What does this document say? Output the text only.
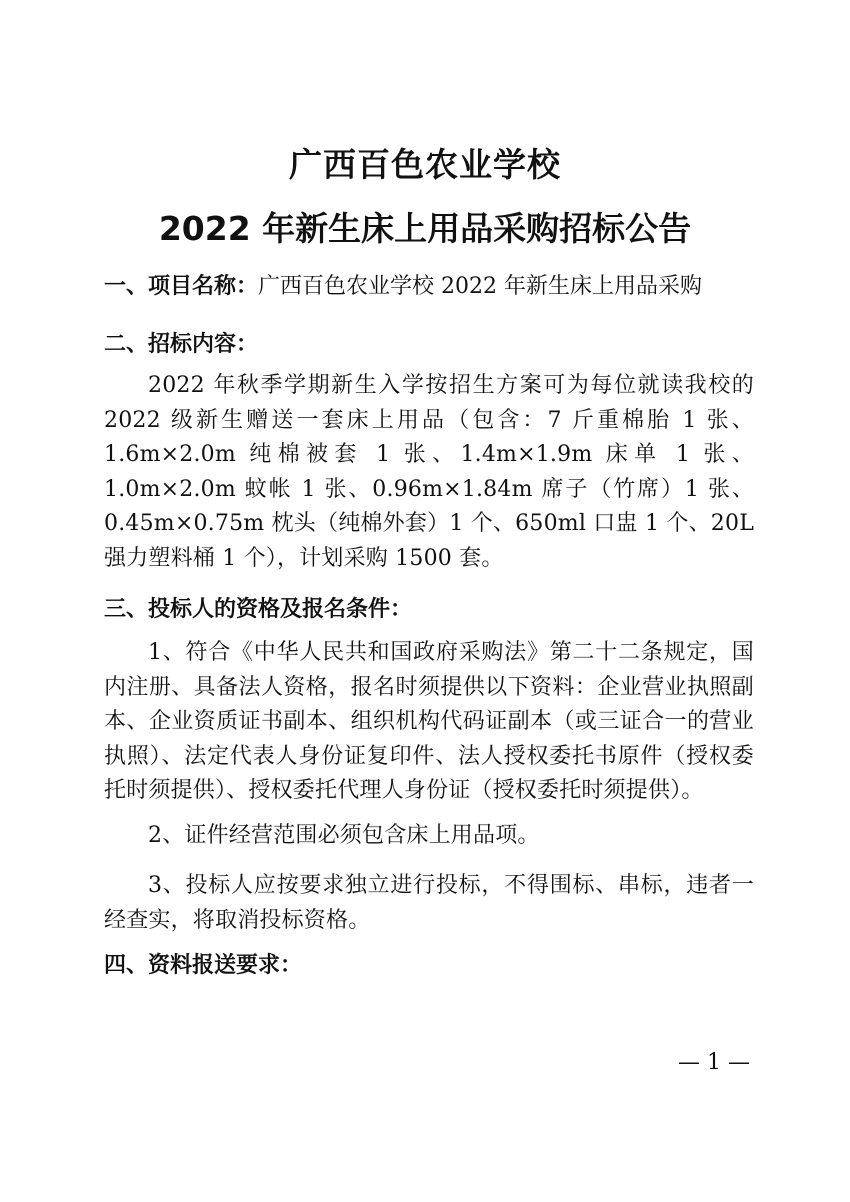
广西百色农业学校
2022 年新生床上用品采购招标公告
一、项目名称：广西百色农业学校 2022 年新生床上用品采购
二、招标内容：
2022 年秋季学期新生入学按招生方案可为每位就读我校的 2022 级新生赠送一套床上用品（包含：7 斤重棉胎 1 张、1.6m×2.0m 纯棉被套 1 张、1.4m×1.9m 床单 1 张、1.0m×2.0m 蚊帐 1 张、0.96m×1.84m 席子（竹席）1 张、0.45m×0.75m 枕头（纯棉外套）1 个、650ml 口盅 1 个、20L 强力塑料桶 1 个），计划采购 1500 套。
三、投标人的资格及报名条件：
1、符合《中华人民共和国政府采购法》第二十二条规定，国内注册、具备法人资格，报名时须提供以下资料：企业营业执照副本、企业资质证书副本、组织机构代码证副本（或三证合一的营业执照）、法定代表人身份证复印件、法人授权委托书原件（授权委托时须提供）、授权委托代理人身份证（授权委托时须提供）。
2、证件经营范围必须包含床上用品项。
3、投标人应按要求独立进行投标，不得围标、串标，违者一经查实，将取消投标资格。
四、资料报送要求：
— 1 —
